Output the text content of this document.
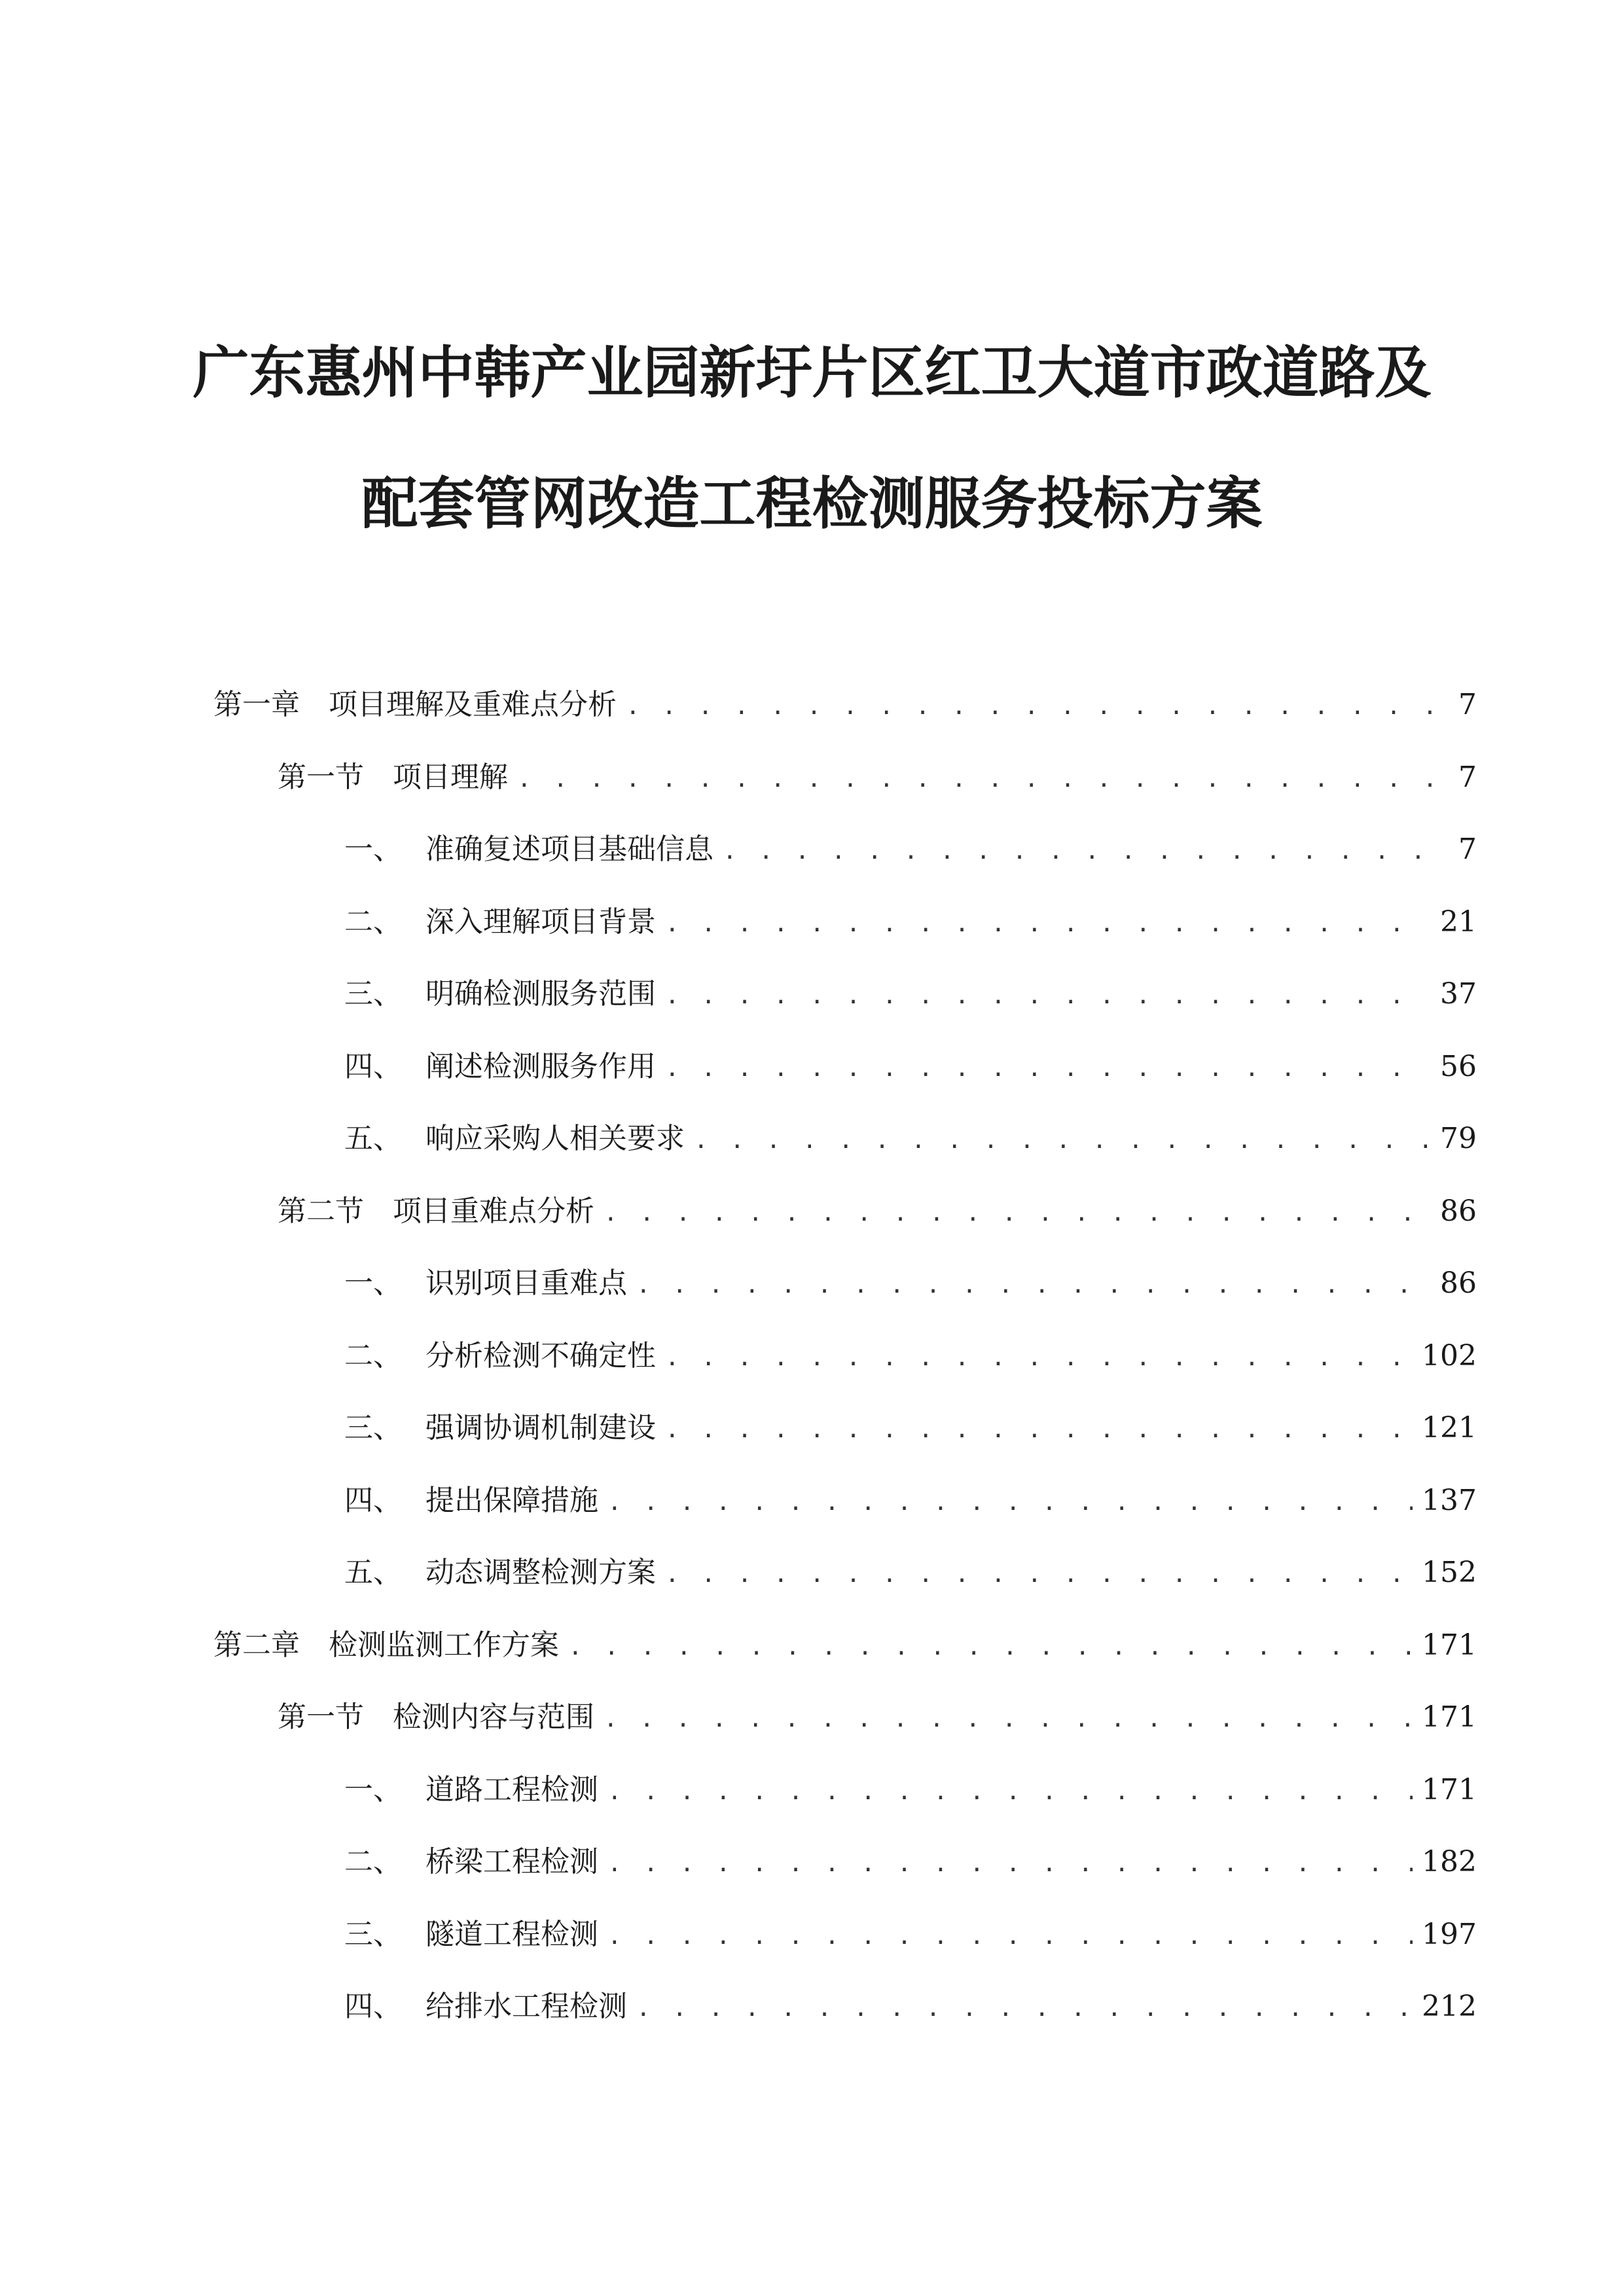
广东惠州中韩产业园新圩片区红卫大道市政道路及
配套管网改造工程检测服务投标方案
第一章	项目理解及重难点分析 . . .	7
第一节	项目理解 . . .	7
一、 准确复述项目基础信息 . . .	7
二、 深入理解项目背景 . . .	21
三、 明确检测服务范围 . . .	37
四、 阐述检测服务作用 . . .	56
五、 响应采购人相关要求 . . .	79
第二节	项目重难点分析 . . .	86
一、 识别项目重难点 . . .	86
二、 分析检测不确定性 . . .	102
三、 强调协调机制建设 . . .	121
四、 提出保障措施 . . .	137
五、 动态调整检测方案 . . .	152
第二章	检测监测工作方案 . . .	171
第一节	检测内容与范围 . . .	171
一、 道路工程检测 . . .	171
二、 桥梁工程检测 . . .	182
三、 隧道工程检测 . . .	197
四、 给排水工程检测 . . .	212
